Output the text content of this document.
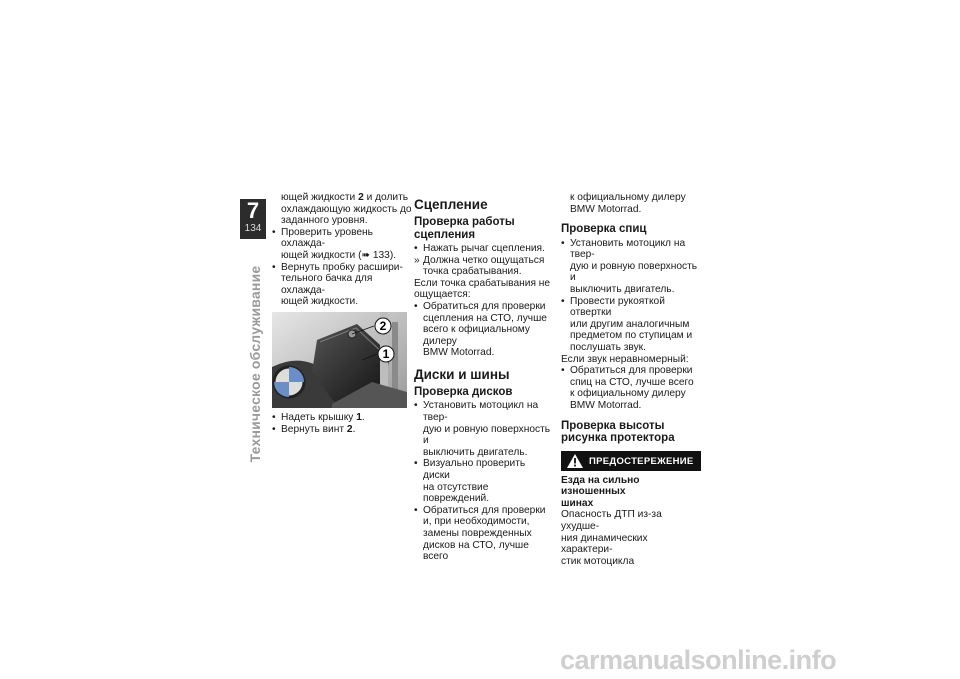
7
134
Техническое обслуживание
ющей жидкости 2 и долить
охлаждающую жидкость до
заданного уровня.
• Проверить уровень охлажда-
ющей жидкости (➠ 133).
• Вернуть пробку расшири-
тельного бачка для охлажда-
ющей жидкости.
2
1
• Надеть крышку 1.
• Вернуть винт 2.
Сцепление
Проверка работы
сцепления
• Нажать рычаг сцепления.
» Должна четко ощущаться
точка срабатывания.
Если точка срабатывания не
ощущается:
• Обратиться для проверки
сцепления на СТО, лучше
всего к официальному дилеру
BMW Motorrad.
Диски и шины
Проверка дисков
• Установить мотоцикл на твер-
дую и ровную поверхность и
выключить двигатель.
• Визуально проверить диски
на отсутствие повреждений.
• Обратиться для проверки
и, при необходимости,
замены поврежденных
дисков на СТО, лучше всего
к официальному дилеру
BMW Motorrad.
Проверка спиц
• Установить мотоцикл на твер-
дую и ровную поверхность и
выключить двигатель.
• Провести рукояткой отвертки
или другим аналогичным
предметом по ступицам и
послушать звук.
Если звук неравномерный:
• Обратиться для проверки
спиц на СТО, лучше всего
к официальному дилеру
BMW Motorrad.
Проверка высоты
рисунка протектора
ПРЕДОСТЕРЕЖЕНИЕ
Езда на сильно изношенных
шинах
Опасность ДТП из-за ухудше-
ния динамических характери-
стик мотоцикла
carmanualsonline.info
